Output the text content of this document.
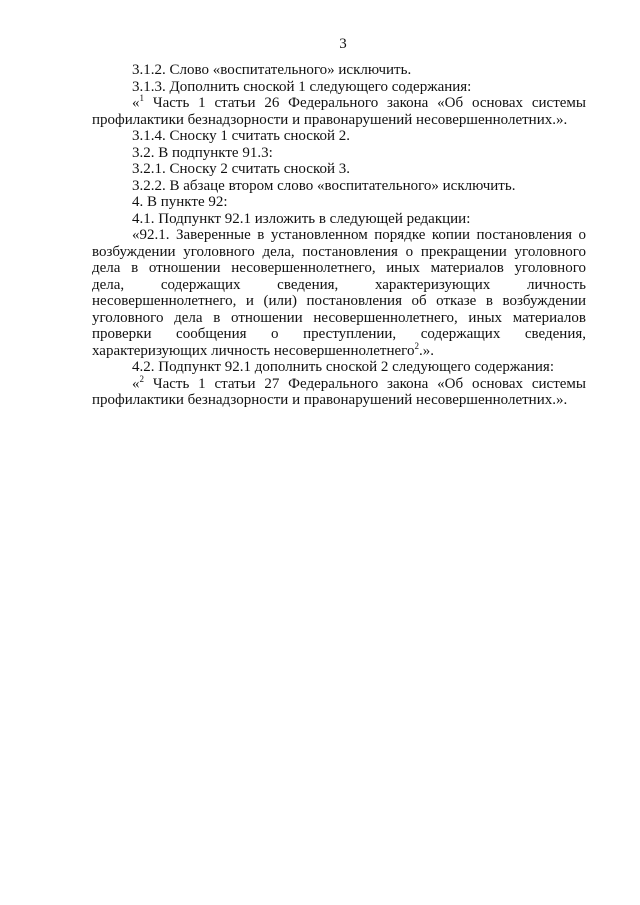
3

3.1.2. Слово «воспитательного» исключить.

3.1.3. Дополнить сноской 1 следующего содержания:

«$^1$ Часть 1 статьи 26 Федерального закона «Об основах системы

профилактики безнадзорности и правонарушений несовершеннолетних.».

3.1.4. Сноску 1 считать сноской 2.

3.2. В подпункте 91.3:

3.2.1. Сноску 2 считать сноской 3.

3.2.2. В абзаце втором слово «воспитательного» исключить.

4. В пункте 92:

4.1. Подпункт 92.1 изложить в следующей редакции:

«92.1. Заверенные в установленном порядке копии постановления о

возбуждении уголовного дела, постановления о прекращении уголовного

дела в отношении несовершеннолетнего, иных материалов уголовного

дела, содержащих сведения, характеризующих личность

несовершеннолетнего, и (или) постановления об отказе в возбуждении

уголовного дела в отношении несовершеннолетнего, иных материалов

проверки сообщения о преступлении, содержащих сведения,

характеризующих личность несовершеннолетнего$^2$.».

4.2. Подпункт 92.1 дополнить сноской 2 следующего содержания:

«$^2$ Часть 1 статьи 27 Федерального закона «Об основах системы

профилактики безнадзорности и правонарушений несовершеннолетних.».
